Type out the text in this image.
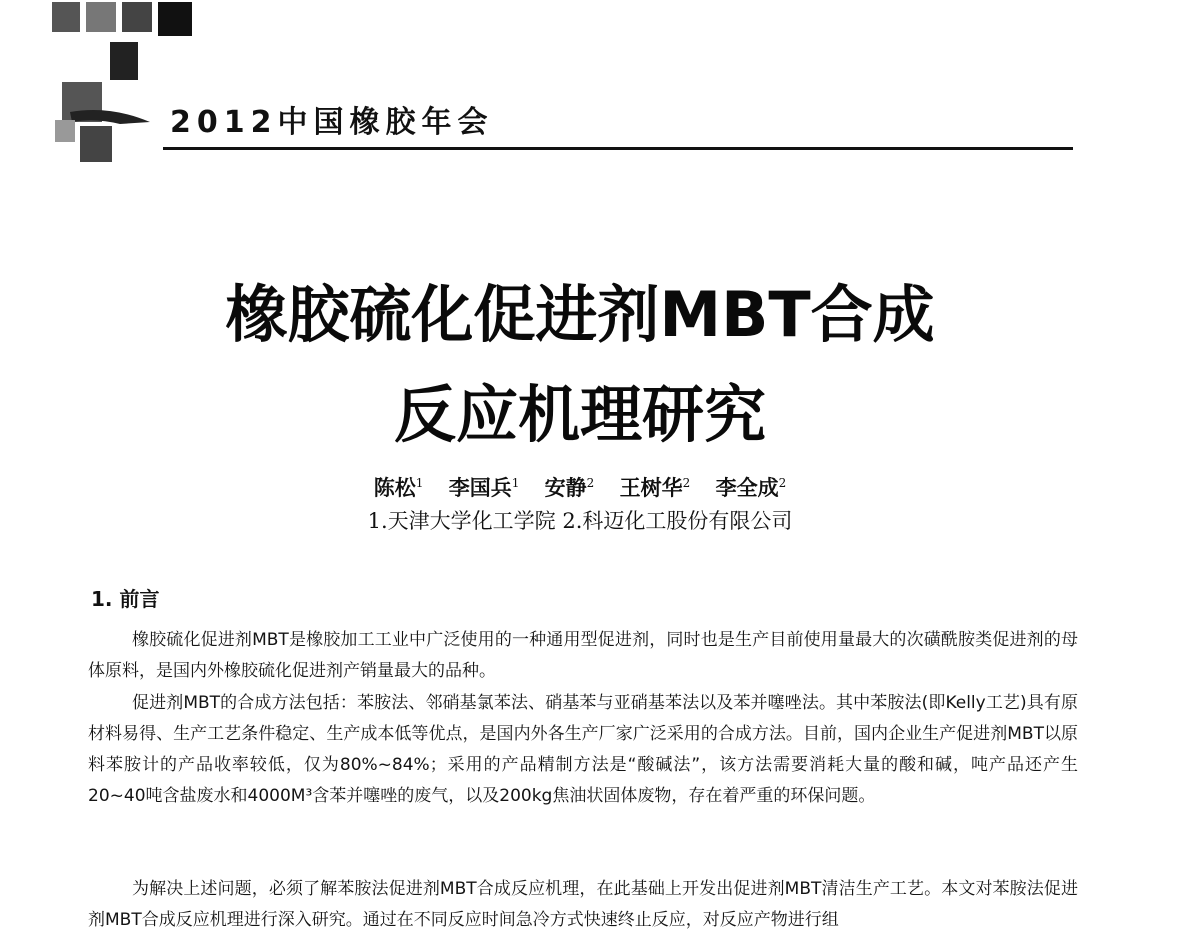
2012中国橡胶年会
橡胶硫化促进剂MBT合成
反应机理研究
陈松$^1$ 李国兵$^1$ 安静$^2$ 王树华$^2$ 李全成$^2$
1.天津大学化工学院 2.科迈化工股份有限公司
1. 前言

橡胶硫化促进剂MBT是橡胶加工工业中广泛使用的一种通用型促进剂，同时也是生产目前使用量最大的次磺酰胺类促进剂的母体原料，是国内外橡胶硫化促进剂产销量最大的品种。

促进剂MBT的合成方法包括：苯胺法、邻硝基氯苯法、硝基苯与亚硝基苯法以及苯并噻唑法。其中苯胺法(即Kelly工艺)具有原材料易得、生产工艺条件稳定、生产成本低等优点，是国内外各生产厂家广泛采用的合成方法。目前，国内企业生产促进剂MBT以原料苯胺计的产品收率较低，仅为80%~84%；采用的产品精制方法是“酸碱法”，该方法需要消耗大量的酸和碱，吨产品还产生20~40吨含盐废水和4000M³含苯并噻唑的废气，以及200kg焦油状固体废物，存在着严重的环保问题。

为解决上述问题，必须了解苯胺法促进剂MBT合成反应机理，在此基础上开发出促进剂MBT清洁生产工艺。本文对苯胺法促进剂MBT合成反应机理进行深入研究。通过在不同反应时间急冷方式快速终止反应，对反应产物进行组
